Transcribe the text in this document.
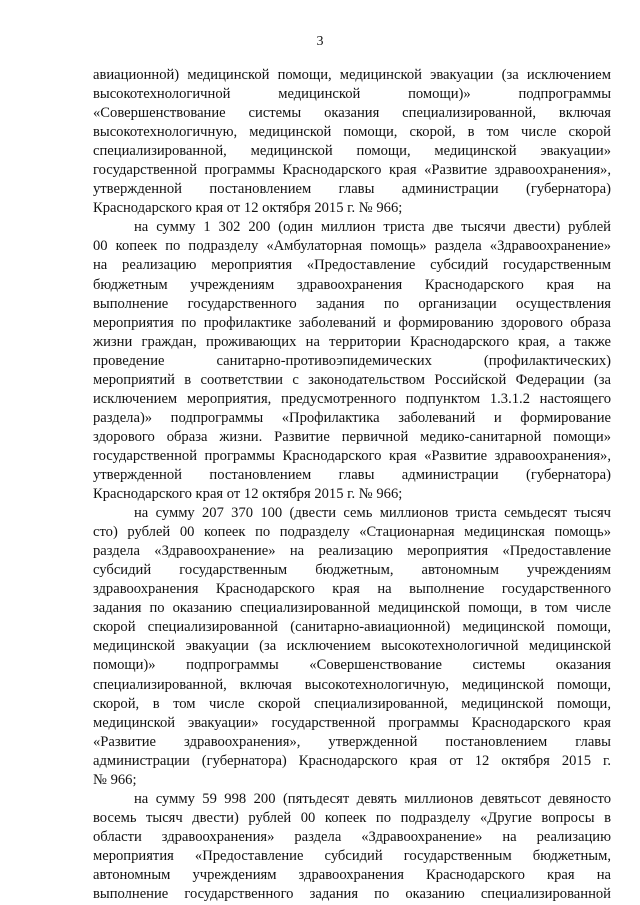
3
авиационной) медицинской помощи, медицинской эвакуации (за исключением
высокотехнологичной медицинской помощи)» подпрограммы
«Совершенствование системы оказания специализированной, включая
высокотехнологичную, медицинской помощи, скорой, в том числе скорой
специализированной, медицинской помощи, медицинской эвакуации»
государственной программы Краснодарского края «Развитие здравоохранения»,
утвержденной постановлением главы администрации (губернатора)
Краснодарского края от 12 октября 2015 г. № 966;
на сумму 1 302 200 (один миллион триста две тысячи двести) рублей
00 копеек по подразделу «Амбулаторная помощь» раздела «Здравоохранение»
на реализацию мероприятия «Предоставление субсидий государственным
бюджетным учреждениям здравоохранения Краснодарского края на
выполнение государственного задания по организации осуществления
мероприятия по профилактике заболеваний и формированию здорового образа
жизни граждан, проживающих на территории Краснодарского края, а также
проведение санитарно-противоэпидемических (профилактических)
мероприятий в соответствии с законодательством Российской Федерации (за
исключением мероприятия, предусмотренного подпунктом 1.3.1.2 настоящего
раздела)» подпрограммы «Профилактика заболеваний и формирование
здорового образа жизни. Развитие первичной медико-санитарной помощи»
государственной программы Краснодарского края «Развитие здравоохранения»,
утвержденной постановлением главы администрации (губернатора)
Краснодарского края от 12 октября 2015 г. № 966;
на сумму 207 370 100 (двести семь миллионов триста семьдесят тысяч
сто) рублей 00 копеек по подразделу «Стационарная медицинская помощь»
раздела «Здравоохранение» на реализацию мероприятия «Предоставление
субсидий государственным бюджетным, автономным учреждениям
здравоохранения Краснодарского края на выполнение государственного
задания по оказанию специализированной медицинской помощи, в том числе
скорой специализированной (санитарно-авиационной) медицинской помощи,
медицинской эвакуации (за исключением высокотехнологичной медицинской
помощи)» подпрограммы «Совершенствование системы оказания
специализированной, включая высокотехнологичную, медицинской помощи,
скорой, в том числе скорой специализированной, медицинской помощи,
медицинской эвакуации» государственной программы Краснодарского края
«Развитие здравоохранения», утвержденной постановлением главы
администрации (губернатора) Краснодарского края от 12 октября 2015 г.
№ 966;
на сумму 59 998 200 (пятьдесят девять миллионов девятьсот девяносто
восемь тысяч двести) рублей 00 копеек по подразделу «Другие вопросы в
области здравоохранения» раздела «Здравоохранение» на реализацию
мероприятия «Предоставление субсидий государственным бюджетным,
автономным учреждениям здравоохранения Краснодарского края на
выполнение государственного задания по оказанию специализированной
